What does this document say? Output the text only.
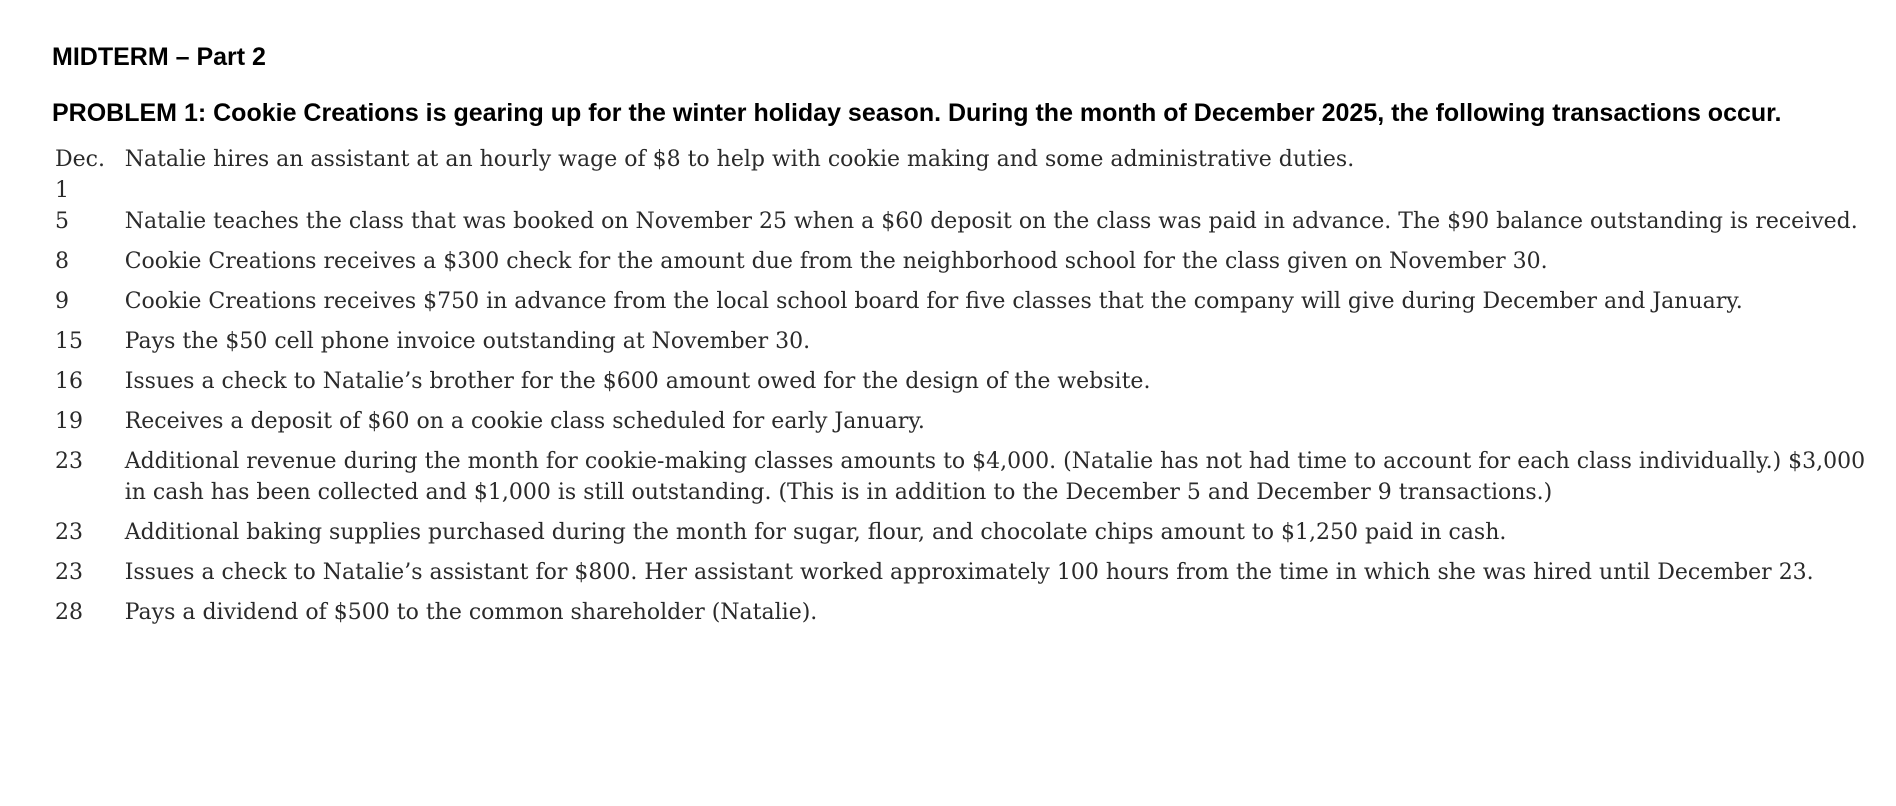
MIDTERM – Part 2

PROBLEM 1: Cookie Creations is gearing up for the winter holiday season. During the month of December 2025, the following transactions occur.

Dec. 1	Natalie hires an assistant at an hourly wage of $8 to help with cookie making and some administrative duties.
5	Natalie teaches the class that was booked on November 25 when a $60 deposit on the class was paid in advance. The $90 balance outstanding is received.
8	Cookie Creations receives a $300 check for the amount due from the neighborhood school for the class given on November 30.
9	Cookie Creations receives $750 in advance from the local school board for five classes that the company will give during December and January.
15	Pays the $50 cell phone invoice outstanding at November 30.
16	Issues a check to Natalie’s brother for the $600 amount owed for the design of the website.
19	Receives a deposit of $60 on a cookie class scheduled for early January.
23	Additional revenue during the month for cookie-making classes amounts to $4,000. (Natalie has not had time to account for each class individually.) $3,000 in cash has been collected and $1,000 is still outstanding. (This is in addition to the December 5 and December 9 transactions.)
23	Additional baking supplies purchased during the month for sugar, flour, and chocolate chips amount to $1,250 paid in cash.
23	Issues a check to Natalie’s assistant for $800. Her assistant worked approximately 100 hours from the time in which she was hired until December 23.
28	Pays a dividend of $500 to the common shareholder (Natalie).
